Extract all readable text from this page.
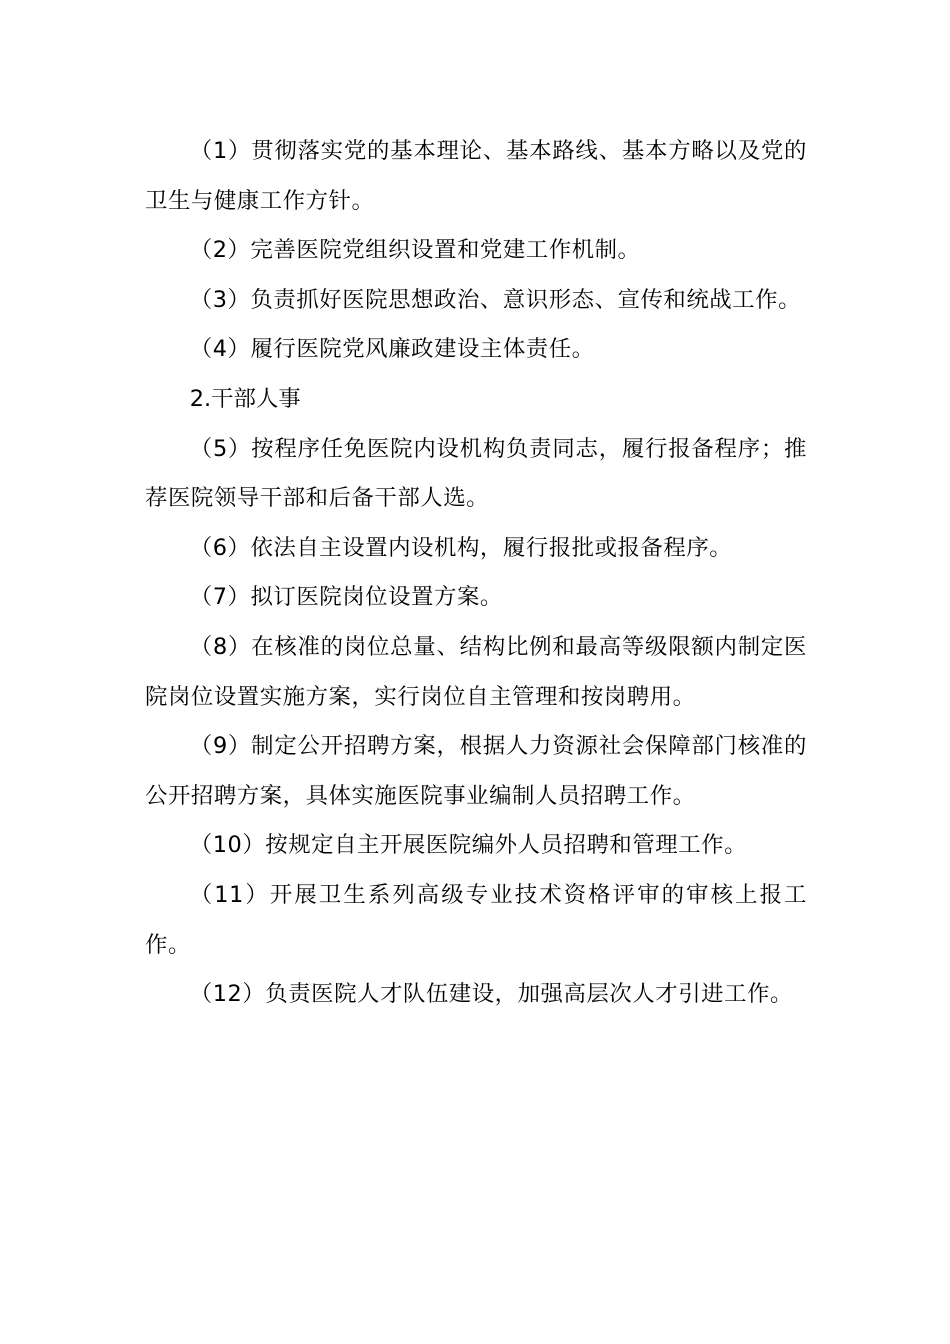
（1）贯彻落实党的基本理论、基本路线、基本方略以及党的卫生与健康工作方针。

（2）完善医院党组织设置和党建工作机制。

（3）负责抓好医院思想政治、意识形态、宣传和统战工作。

（4）履行医院党风廉政建设主体责任。

2.干部人事

（5）按程序任免医院内设机构负责同志，履行报备程序；推荐医院领导干部和后备干部人选。

（6）依法自主设置内设机构，履行报批或报备程序。

（7）拟订医院岗位设置方案。

（8）在核准的岗位总量、结构比例和最高等级限额内制定医院岗位设置实施方案，实行岗位自主管理和按岗聘用。

（9）制定公开招聘方案，根据人力资源社会保障部门核准的公开招聘方案，具体实施医院事业编制人员招聘工作。

（10）按规定自主开展医院编外人员招聘和管理工作。

（11）开展卫生系列高级专业技术资格评审的审核上报工作。

（12）负责医院人才队伍建设，加强高层次人才引进工作。
